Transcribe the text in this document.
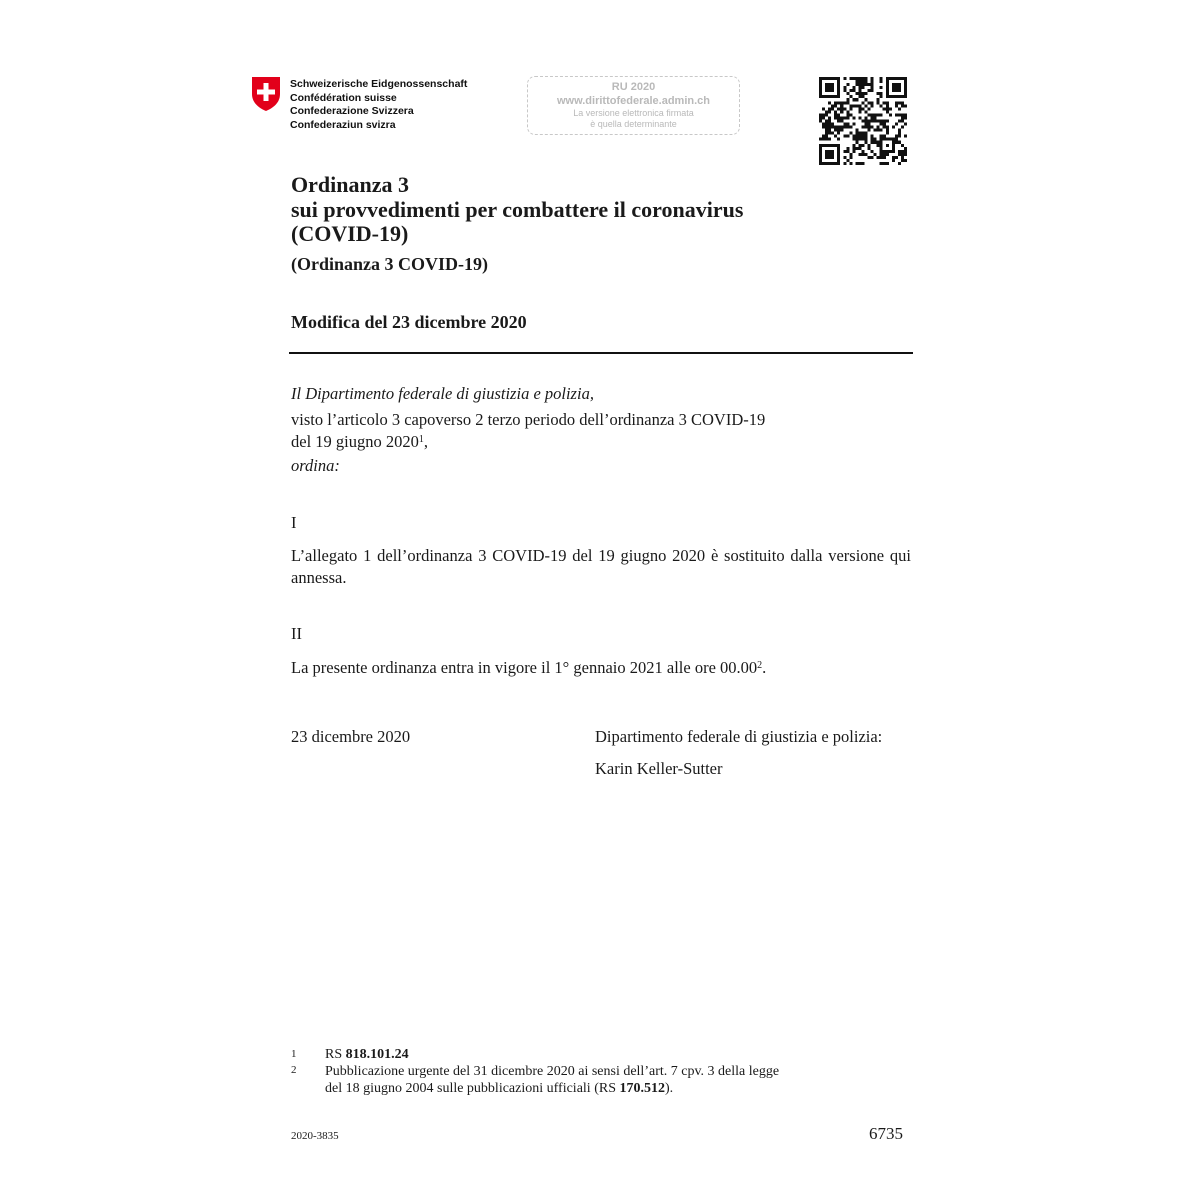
Schweizerische Eidgenossenschaft
Confédération suisse
Confederazione Svizzera
Confederaziun svizra
RU 2020
www.dirittofederale.admin.ch
La versione elettronica firmata
è quella determinante
Ordinanza 3
sui provvedimenti per combattere il coronavirus
(COVID-19)
(Ordinanza 3 COVID-19)
Modifica del 23 dicembre 2020
Il Dipartimento federale di giustizia e polizia,
visto l’articolo 3 capoverso 2 terzo periodo dell’ordinanza 3 COVID-19
del 19 giugno 2020$^1$,
ordina:
I
L’allegato 1 dell’ordinanza 3 COVID-19 del 19 giugno 2020 è sostituito dalla versione qui annessa.
II
La presente ordinanza entra in vigore il 1° gennaio 2021 alle ore 00.00$^2$.
23 dicembre 2020	Dipartimento federale di giustizia e polizia:
Karin Keller-Sutter
1 RS 818.101.24
2 Pubblicazione urgente del 31 dicembre 2020 ai sensi dell’art. 7 cpv. 3 della legge
del 18 giugno 2004 sulle pubblicazioni ufficiali (RS 170.512).
2020-3835	6735
